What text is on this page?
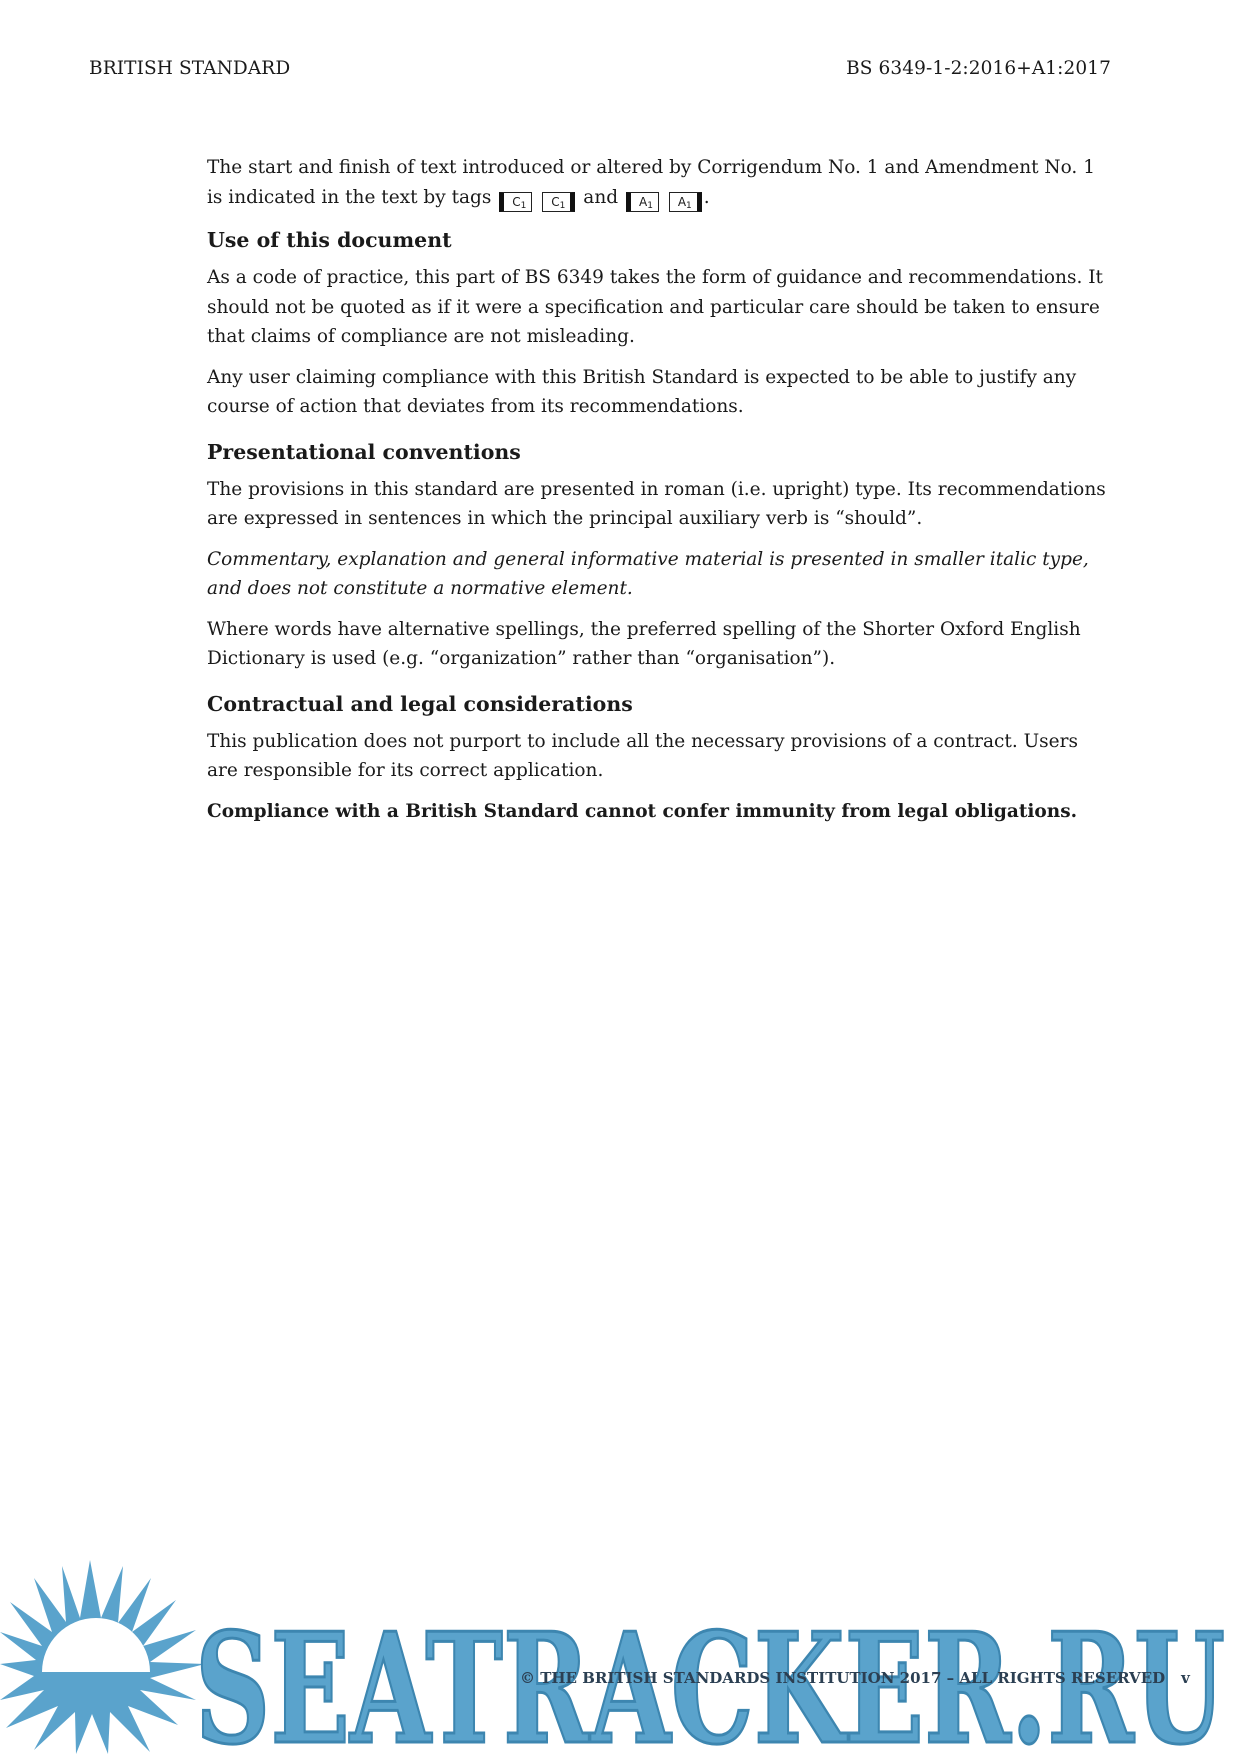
BRITISH STANDARD	BS 6349-1-2:2016+A1:2017

The start and finish of text introduced or altered by Corrigendum No. 1 and Amendment No. 1 is indicated in the text by tags $C_1$ $C_1$ and $A_1$ $A_1$ .

Use of this document

As a code of practice, this part of BS 6349 takes the form of guidance and recommendations. It should not be quoted as if it were a specification and particular care should be taken to ensure that claims of compliance are not misleading.

Any user claiming compliance with this British Standard is expected to be able to justify any course of action that deviates from its recommendations.

Presentational conventions

The provisions in this standard are presented in roman (i.e. upright) type. Its recommendations are expressed in sentences in which the principal auxiliary verb is “should”.

Commentary, explanation and general informative material is presented in smaller italic type, and does not constitute a normative element.

Where words have alternative spellings, the preferred spelling of the Shorter Oxford English Dictionary is used (e.g. “organization” rather than “organisation”).

Contractual and legal considerations

This publication does not purport to include all the necessary provisions of a contract. Users are responsible for its correct application.

Compliance with a British Standard cannot confer immunity from legal obligations.

SEATRACKER.RU
© THE BRITISH STANDARDS INSTITUTION 2017 – ALL RIGHTS RESERVED v
